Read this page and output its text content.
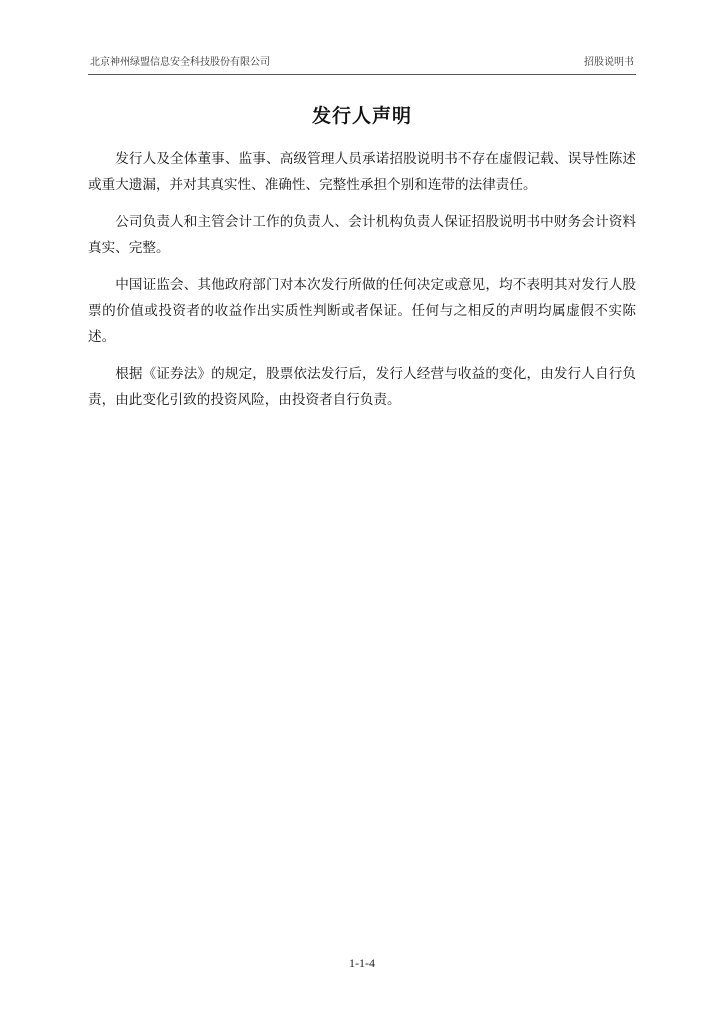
北京神州绿盟信息安全科技股份有限公司	招股说明书
发行人声明

发行人及全体董事、监事、高级管理人员承诺招股说明书不存在虚假记载、误导性陈述或重大遗漏，并对其真实性、准确性、完整性承担个别和连带的法律责任。

公司负责人和主管会计工作的负责人、会计机构负责人保证招股说明书中财务会计资料真实、完整。

中国证监会、其他政府部门对本次发行所做的任何决定或意见，均不表明其对发行人股票的价值或投资者的收益作出实质性判断或者保证。任何与之相反的声明均属虚假不实陈述。

根据《证券法》的规定，股票依法发行后，发行人经营与收益的变化，由发行人自行负责，由此变化引致的投资风险，由投资者自行负责。

1-1-4
